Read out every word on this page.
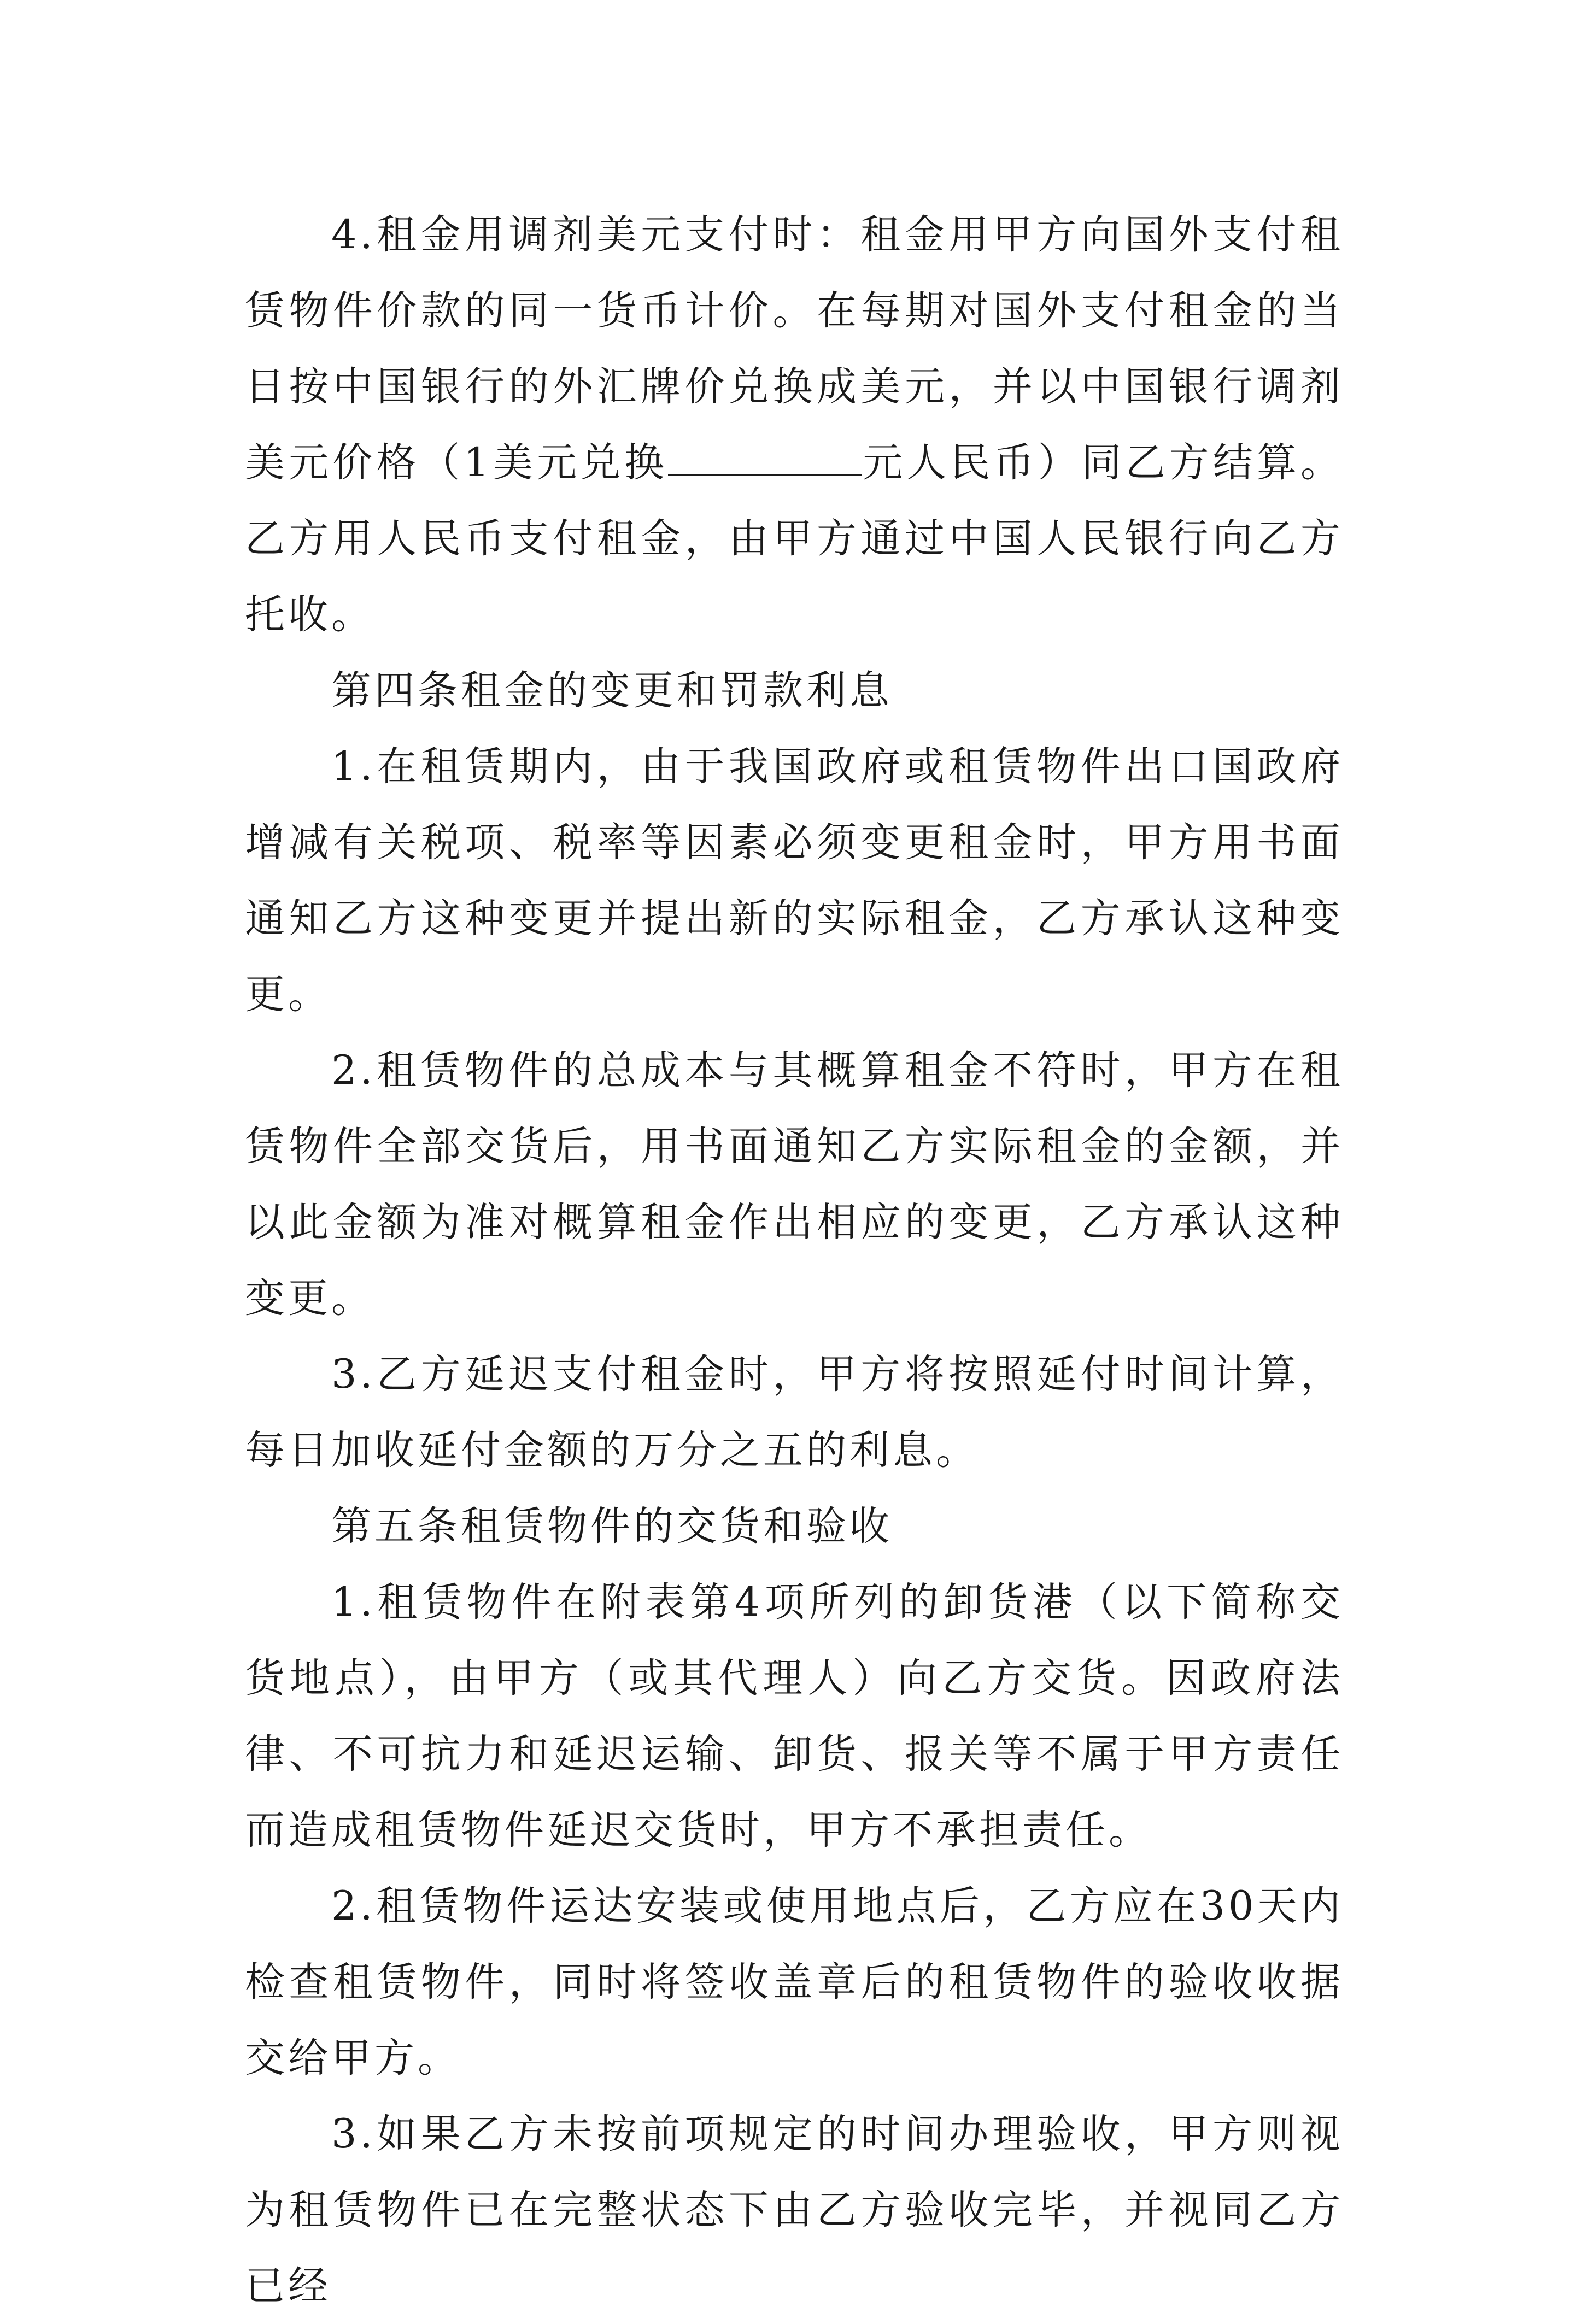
4.租金用调剂美元支付时：租金用甲方向国外支付租赁物件价款的同一货币计价。在每期对国外支付租金的当日按中国银行的外汇牌价兑换成美元，并以中国银行调剂美元价格（1美元兑换	元人民币）同乙方结算。乙方用人民币支付租金，由甲方通过中国人民银行向乙方托收。

第四条租金的变更和罚款利息

1.在租赁期内，由于我国政府或租赁物件出口国政府增减有关税项、税率等因素必须变更租金时，甲方用书面通知乙方这种变更并提出新的实际租金，乙方承认这种变更。

2.租赁物件的总成本与其概算租金不符时，甲方在租赁物件全部交货后，用书面通知乙方实际租金的金额，并以此金额为准对概算租金作出相应的变更，乙方承认这种变更。

3.乙方延迟支付租金时，甲方将按照延付时间计算，每日加收延付金额的万分之五的利息。

第五条租赁物件的交货和验收

1.租赁物件在附表第4项所列的卸货港（以下简称交货地点），由甲方（或其代理人）向乙方交货。因政府法律、不可抗力和延迟运输、卸货、报关等不属于甲方责任而造成租赁物件延迟交货时，甲方不承担责任。

2.租赁物件运达安装或使用地点后，乙方应在30天内检查租赁物件，同时将签收盖章后的租赁物件的验收收据交给甲方。

3.如果乙方未按前项规定的时间办理验收，甲方则视为租赁物件已在完整状态下由乙方验收完毕，并视同乙方已经
